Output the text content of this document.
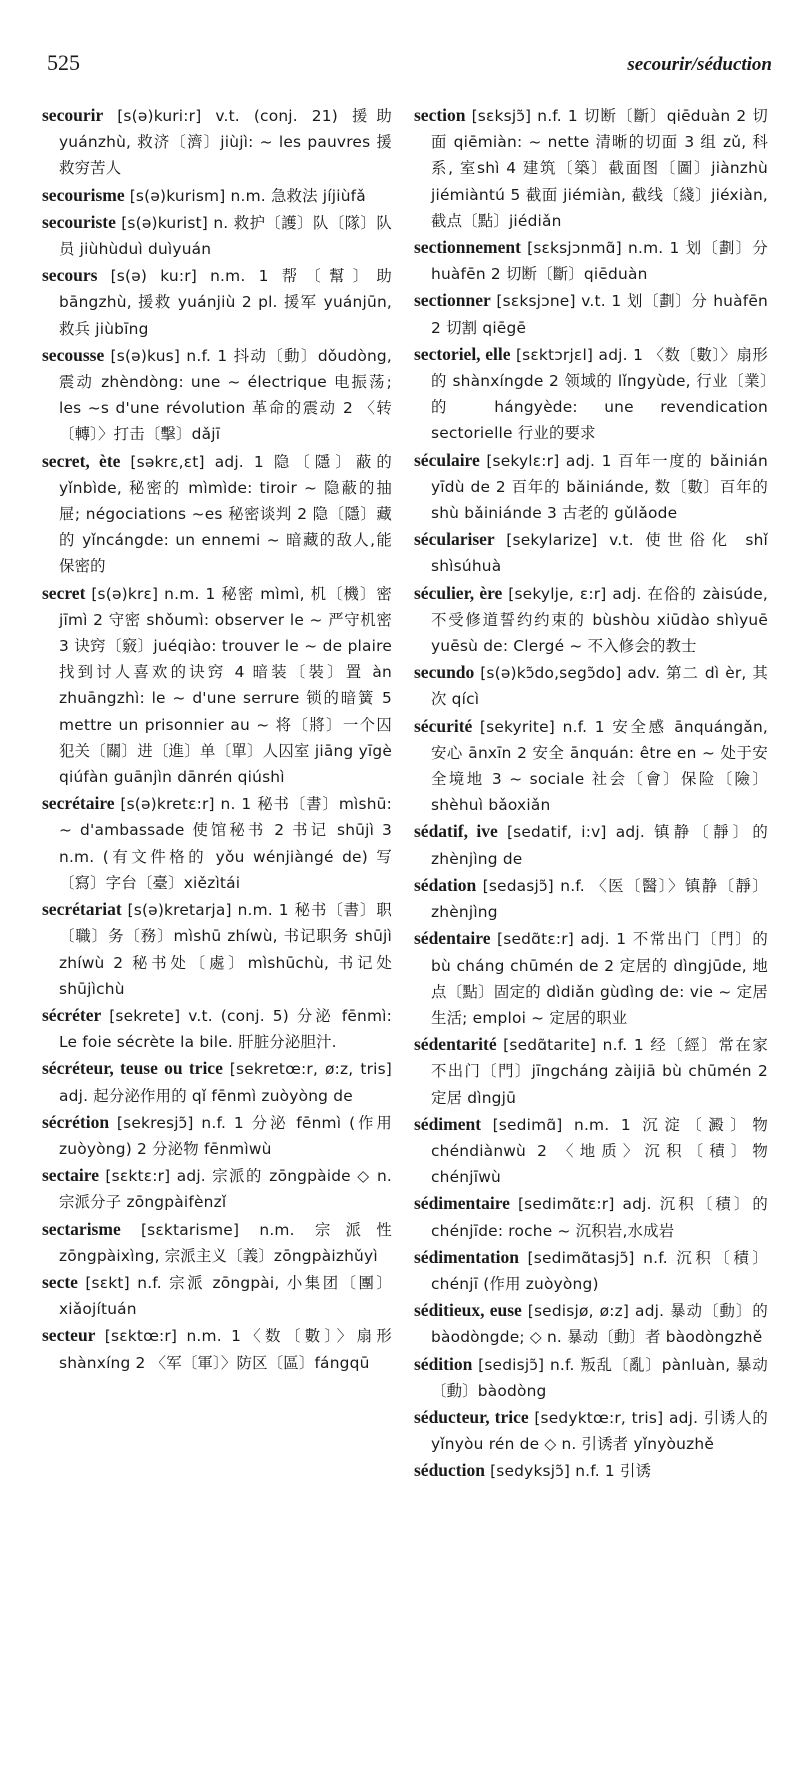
525	secourir/séduction
secourir [s(ə)kuri:r] v.t. (conj. 21) 援助 yuánzhù, 救济〔濟〕jiùjì: ~ les pauvres 援救穷苦人
secourisme [s(ə)kurism] n.m. 急救法 jíjiùfǎ
secouriste [s(ə)kurist] n. 救护〔護〕队〔隊〕队员 jiùhùduì duìyuán
secours [s(ə) ku:r] n.m. 1 帮〔幫〕助 bāngzhù, 援救 yuánjiù 2 pl. 援军 yuánjūn, 救兵 jiùbīng
secousse [s(ə)kus] n.f. 1 抖动〔動〕dǒudòng, 震动 zhèndòng: une ~ électrique 电振荡; les ~s d'une révolution 革命的震动 2 〈转〔轉〕〉打击〔擊〕dǎjī
secret, ète [səkrɛ,ɛt] adj. 1 隐〔隱〕蔽的 yǐnbìde, 秘密的 mìmìde: tiroir ~ 隐蔽的抽屉; négociations ~es 秘密谈判 2 隐〔隱〕藏的 yǐncángde: un ennemi ~ 暗藏的敌人,能保密的
secret [s(ə)krɛ] n.m. 1 秘密 mìmì, 机〔機〕密 jīmì 2 守密 shǒumì: observer le ~ 严守机密 3 诀窍〔竅〕juéqiào: trouver le ~ de plaire 找到讨人喜欢的诀窍 4 暗装〔裝〕置 àn zhuāngzhì: le ~ d'une serrure 锁的暗簧 5 mettre un prisonnier au ~ 将〔將〕一个囚犯关〔關〕进〔進〕单〔單〕人囚室 jiāng yīgè qiúfàn guānjìn dānrén qiúshì
secrétaire [s(ə)kretɛ:r] n. 1 秘书〔書〕mìshū: ~ d'ambassade 使馆秘书 2 书记 shūjì 3 n.m. (有文件格的 yǒu wénjiàngé de) 写〔寫〕字台〔臺〕xiězìtái
secrétariat [s(ə)kretarja] n.m. 1 秘书〔書〕职〔職〕务〔務〕mìshū zhíwù, 书记职务 shūjì zhíwù 2 秘书处〔處〕mìshūchù, 书记处 shūjìchù
sécréter [sekrete] v.t. (conj. 5) 分泌 fēnmì: Le foie sécrète la bile. 肝脏分泌胆汁.
sécréteur, teuse ou trice [sekretœ:r, ø:z, tris] adj. 起分泌作用的 qǐ fēnmì zuòyòng de
sécrétion [sekresjɔ̃] n.f. 1 分泌 fēnmì (作用 zuòyòng) 2 分泌物 fēnmìwù
sectaire [sɛktɛ:r] adj. 宗派的 zōngpàide ◇ n. 宗派分子 zōngpàifènzǐ
sectarisme [sɛktarisme] n.m. 宗派性 zōngpàixìng, 宗派主义〔義〕zōngpàizhǔyì
secte [sɛkt] n.f. 宗派 zōngpài, 小集团〔團〕xiǎojítuán
secteur [sɛktœ:r] n.m. 1〈数〔數〕〉扇形 shànxíng 2 〈军〔軍〕〉防区〔區〕fángqū
section [sɛksjɔ̃] n.f. 1 切断〔斷〕qiēduàn 2 切面 qiēmiàn: ~ nette 清晰的切面 3 组 zǔ, 科系, 室shì 4 建筑〔築〕截面图〔圖〕jiànzhù jiémiàntú 5 截面 jiémiàn, 截线〔綫〕jiéxiàn, 截点〔點〕jiédiǎn
sectionnement [sɛksjɔnmɑ̃] n.m. 1 划〔劃〕分 huàfēn 2 切断〔斷〕qiēduàn
sectionner [sɛksjɔne] v.t. 1 划〔劃〕分 huàfēn 2 切割 qiēgē
sectoriel, elle [sɛktɔrjɛl] adj. 1 〈数〔數〕〉扇形的 shànxíngde 2 领域的 lǐngyùde, 行业〔業〕的 hángyède: une revendication sectorielle 行业的要求
séculaire [sekylɛ:r] adj. 1 百年一度的 bǎinián yīdù de 2 百年的 bǎiniánde, 数〔數〕百年的 shù bǎiniánde 3 古老的 gǔlǎode
séculariser [sekylarize] v.t. 使世俗化 shǐ shìsúhuà
séculier, ère [sekylje, ɛ:r] adj. 在俗的 zàisúde, 不受修道誓约约束的 bùshòu xiūdào shìyuē yuēsù de: Clergé ~ 不入修会的教士
secundo [s(ə)kɔ̃do,segɔ̃do] adv. 第二 dì èr, 其次 qícì
sécurité [sekyrite] n.f. 1 安全感 ānquángǎn, 安心 ānxīn 2 安全 ānquán: être en ~ 处于安全境地 3 ~ sociale 社会〔會〕保险〔險〕shèhuì bǎoxiǎn
sédatif, ive [sedatif, i:v] adj. 镇静〔靜〕的 zhènjìng de
sédation [sedasjɔ̃] n.f. 〈医〔醫〕〉镇静〔靜〕zhènjìng
sédentaire [sedɑ̃tɛ:r] adj. 1 不常出门〔門〕的 bù cháng chūmén de 2 定居的 dìngjūde, 地点〔點〕固定的 dìdiǎn gùdìng de: vie ~ 定居生活; emploi ~ 定居的职业
sédentarité [sedɑ̃tarite] n.f. 1 经〔經〕常在家不出门〔門〕jīngcháng zàijiā bù chūmén 2 定居 dìngjū
sédiment [sedimɑ̃] n.m. 1 沉淀〔澱〕物 chéndiànwù 2 〈地质〉沉积〔積〕物 chénjīwù
sédimentaire [sedimɑ̃tɛ:r] adj. 沉积〔積〕的 chénjīde: roche ~ 沉积岩,水成岩
sédimentation [sedimɑ̃tasjɔ̃] n.f. 沉积〔積〕chénjī (作用 zuòyòng)
séditieux, euse [sedisjø, ø:z] adj. 暴动〔動〕的 bàodòngde; ◇ n. 暴动〔動〕者 bàodòngzhě
sédition [sedisjɔ̃] n.f. 叛乱〔亂〕pànluàn, 暴动〔動〕bàodòng
séducteur, trice [sedyktœ:r, tris] adj. 引诱人的 yǐnyòu rén de ◇ n. 引诱者 yǐnyòuzhě
séduction [sedyksjɔ̃] n.f. 1 引诱
